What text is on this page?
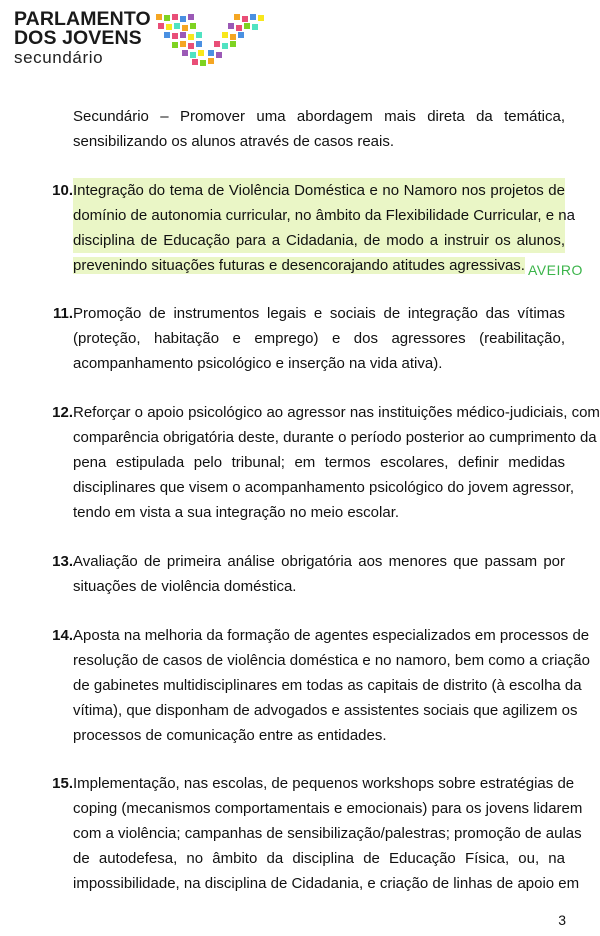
PARLAMENTO
DOS JOVENS
secundário
Secundário – Promover uma abordagem mais direta da temática,
sensibilizando os alunos através de casos reais.
10. Integração do tema de Violência Doméstica e no Namoro nos projetos de
domínio de autonomia curricular, no âmbito da Flexibilidade Curricular, e na
disciplina de Educação para a Cidadania, de modo a instruir os alunos,
prevenindo situações futuras e desencorajando atitudes agressivas. AVEIRO
11. Promoção de instrumentos legais e sociais de integração das vítimas
(proteção, habitação e emprego) e dos agressores (reabilitação,
acompanhamento psicológico e inserção na vida ativa).
12. Reforçar o apoio psicológico ao agressor nas instituições médico-judiciais, com
comparência obrigatória deste, durante o período posterior ao cumprimento da
pena estipulada pelo tribunal; em termos escolares, definir medidas
disciplinares que visem o acompanhamento psicológico do jovem agressor,
tendo em vista a sua integração no meio escolar.
13. Avaliação de primeira análise obrigatória aos menores que passam por
situações de violência doméstica.
14. Aposta na melhoria da formação de agentes especializados em processos de
resolução de casos de violência doméstica e no namoro, bem como a criação
de gabinetes multidisciplinares em todas as capitais de distrito (à escolha da
vítima), que disponham de advogados e assistentes sociais que agilizem os
processos de comunicação entre as entidades.
15. Implementação, nas escolas, de pequenos workshops sobre estratégias de
coping (mecanismos comportamentais e emocionais) para os jovens lidarem
com a violência; campanhas de sensibilização/palestras; promoção de aulas
de autodefesa, no âmbito da disciplina de Educação Física, ou, na
impossibilidade, na disciplina de Cidadania, e criação de linhas de apoio em
3
